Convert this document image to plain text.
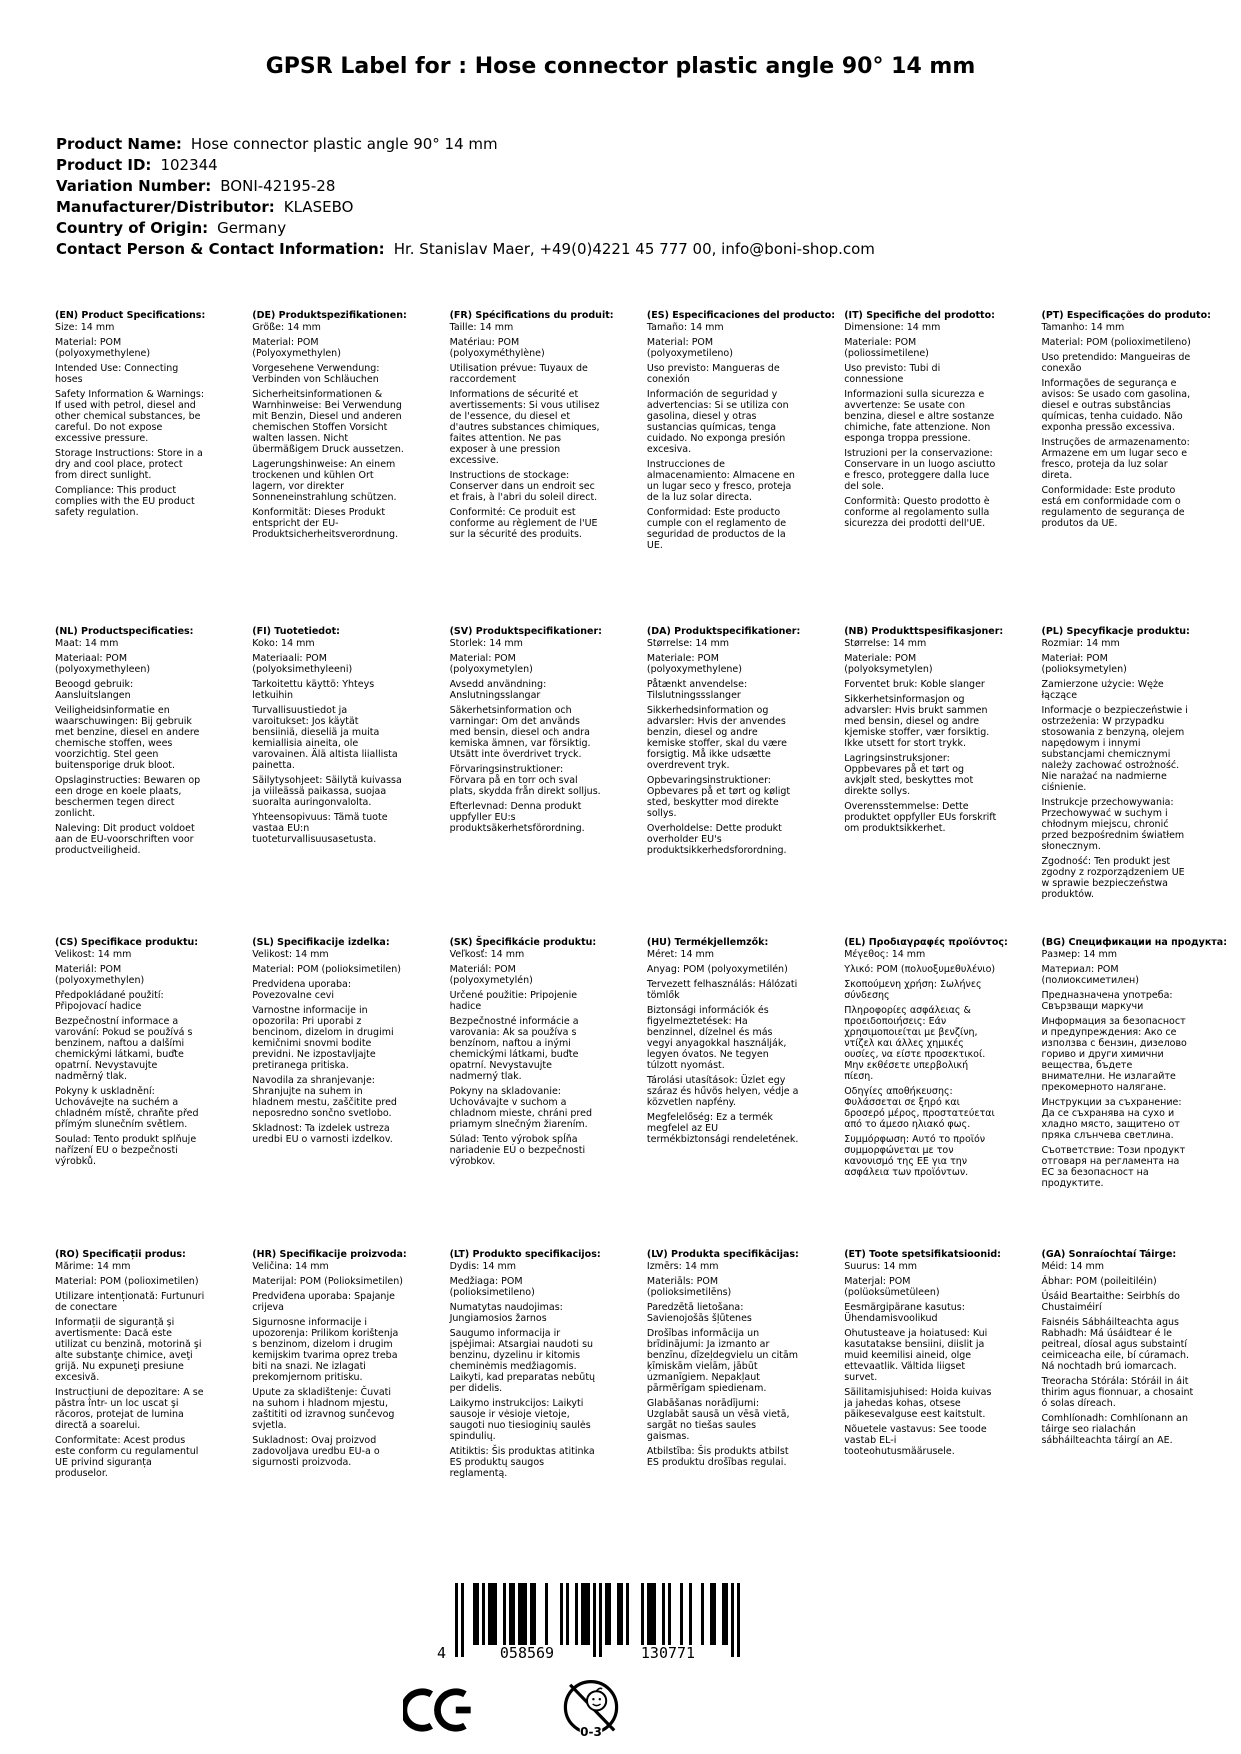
GPSR Label for : Hose connector plastic angle 90° 14 mm
Product Name: Hose connector plastic angle 90° 14 mm
Product ID: 102344
Variation Number: BONI-42195-28
Manufacturer/Distributor: KLASEBO
Country of Origin: Germany
Contact Person & Contact Information: Hr. Stanislav Maer, +49(0)4221 45 777 00, info@boni-shop.com
(EN) Product Specifications:

Size: 14 mm

Material: POM (polyoxymethylene)

Intended Use: Connecting hoses

Safety Information & Warnings: If used with petrol, diesel and other chemical substances, be careful. Do not expose excessive pressure.

Storage Instructions: Store in a dry and cool place, protect from direct sunlight.

Compliance: This product complies with the EU product safety regulation.

(DE) Produktspezifikationen:

Größe: 14 mm

Material: POM (Polyoxymethylen)

Vorgesehene Verwendung: Verbinden von Schläuchen

Sicherheitsinformationen & Warnhinweise: Bei Verwendung mit Benzin, Diesel und anderen chemischen Stoffen Vorsicht walten lassen. Nicht übermäßigem Druck aussetzen.

Lagerungshinweise: An einem trockenen und kühlen Ort lagern, vor direkter Sonneneinstrahlung schützen.

Konformität: Dieses Produkt entspricht der EU-Produktsicherheitsverordnung.

(FR) Spécifications du produit:

Taille: 14 mm

Matériau: POM (polyoxyméthylène)

Utilisation prévue: Tuyaux de raccordement

Informations de sécurité et avertissements: Si vous utilisez de l'essence, du diesel et d'autres substances chimiques, faites attention. Ne pas exposer à une pression excessive.

Instructions de stockage: Conserver dans un endroit sec et frais, à l'abri du soleil direct.

Conformité: Ce produit est conforme au règlement de l'UE sur la sécurité des produits.

(ES) Especificaciones del producto:

Tamaño: 14 mm

Material: POM (polyoxymetileno)

Uso previsto: Mangueras de conexión

Información de seguridad y advertencias: Si se utiliza con gasolina, diesel y otras sustancias químicas, tenga cuidado. No exponga presión excesiva.

Instrucciones de almacenamiento: Almacene en un lugar seco y fresco, proteja de la luz solar directa.

Conformidad: Este producto cumple con el reglamento de seguridad de productos de la UE.

(IT) Specifiche del prodotto:

Dimensione: 14 mm

Materiale: POM (poliossimetilene)

Uso previsto: Tubi di connessione

Informazioni sulla sicurezza e avvertenze: Se usate con benzina, diesel e altre sostanze chimiche, fate attenzione. Non esponga troppa pressione.

Istruzioni per la conservazione: Conservare in un luogo asciutto e fresco, proteggere dalla luce del sole.

Conformità: Questo prodotto è conforme al regolamento sulla sicurezza dei prodotti dell'UE.

(PT) Especificações do produto:

Tamanho: 14 mm

Material: POM (polioximetileno)

Uso pretendido: Mangueiras de conexão

Informações de segurança e avisos: Se usado com gasolina, diesel e outras substâncias químicas, tenha cuidado. Não exponha pressão excessiva.

Instruções de armazenamento: Armazene em um lugar seco e fresco, proteja da luz solar direta.

Conformidade: Este produto está em conformidade com o regulamento de segurança de produtos da UE.

(NL) Productspecificaties:

Maat: 14 mm

Materiaal: POM (polyoxymethyleen)

Beoogd gebruik: Aansluitslangen

Veiligheidsinformatie en waarschuwingen: Bij gebruik met benzine, diesel en andere chemische stoffen, wees voorzichtig. Stel geen buitensporige druk bloot.

Opslaginstructies: Bewaren op een droge en koele plaats, beschermen tegen direct zonlicht.

Naleving: Dit product voldoet aan de EU-voorschriften voor productveiligheid.

(FI) Tuotetiedot:

Koko: 14 mm

Materiaali: POM (polyoksimethyleeni)

Tarkoitettu käyttö: Yhteys letkuihin

Turvallisuustiedot ja varoitukset: Jos käytät bensiiniä, dieseliä ja muita kemiallisia aineita, ole varovainen. Älä altista liiallista painetta.

Säilytysohjeet: Säilytä kuivassa ja viileässä paikassa, suojaa suoralta auringonvalolta.

Yhteensopivuus: Tämä tuote vastaa EU:n tuoteturvallisuusasetusta.

(SV) Produktspecifikationer:

Storlek: 14 mm

Material: POM (polyoxymetylen)

Avsedd användning: Anslutningsslangar

Säkerhetsinformation och varningar: Om det används med bensin, diesel och andra kemiska ämnen, var försiktig. Utsätt inte överdrivet tryck.

Förvaringsinstruktioner: Förvara på en torr och sval plats, skydda från direkt solljus.

Efterlevnad: Denna produkt uppfyller EU:s produktsäkerhetsförordning.

(DA) Produktspecifikationer:

Størrelse: 14 mm

Materiale: POM (polyoxymethylene)

Påtænkt anvendelse: Tilslutningssslanger

Sikkerhedsinformation og advarsler: Hvis der anvendes benzin, diesel og andre kemiske stoffer, skal du være forsigtig. Må ikke udsætte overdrevent tryk.

Opbevaringsinstruktioner: Opbevares på et tørt og køligt sted, beskytter mod direkte sollys.

Overholdelse: Dette produkt overholder EU's produktsikkerhedsforordning.

(NB) Produkttspesifikasjoner:

Størrelse: 14 mm

Materiale: POM (polyoksymetylen)

Forventet bruk: Koble slanger

Sikkerhetsinformasjon og advarsler: Hvis brukt sammen med bensin, diesel og andre kjemiske stoffer, vær forsiktig. Ikke utsett for stort trykk.

Lagringsinstruksjoner: Oppbevares på et tørt og avkjølt sted, beskyttes mot direkte sollys.

Overensstemmelse: Dette produktet oppfyller EUs forskrift om produktsikkerhet.

(PL) Specyfikacje produktu:

Rozmiar: 14 mm

Materiał: POM (polioksymetylen)

Zamierzone użycie: Węże łączące

Informacje o bezpieczeństwie i ostrzeżenia: W przypadku stosowania z benzyną, olejem napędowym i innymi substancjami chemicznymi należy zachować ostrożność. Nie narażać na nadmierne ciśnienie.

Instrukcje przechowywania: Przechowywać w suchym i chłodnym miejscu, chronić przed bezpośrednim światłem słonecznym.

Zgodność: Ten produkt jest zgodny z rozporządzeniem UE w sprawie bezpieczeństwa produktów.

(CS) Specifikace produktu:

Velikost: 14 mm

Materiál: POM (polyoxymethylen)

Předpokládané použití: Připojovací hadice

Bezpečnostní informace a varování: Pokud se používá s benzinem, naftou a dalšími chemickými látkami, buďte opatrní. Nevystavujte nadměrný tlak.

Pokyny k uskladnění: Uchovávejte na suchém a chladném místě, chraňte před přímým slunečním světlem.

Soulad: Tento produkt splňuje nařízení EU o bezpečnosti výrobků.

(SL) Specifikacije izdelka:

Velikost: 14 mm

Material: POM (polioksimetilen)

Predvidena uporaba: Povezovalne cevi

Varnostne informacije in opozorila: Pri uporabi z bencinom, dizelom in drugimi kemičnimi snovmi bodite previdni. Ne izpostavljajte pretiranega pritiska.

Navodila za shranjevanje: Shranjujte na suhem in hladnem mestu, zaščitite pred neposredno sončno svetlobo.

Skladnost: Ta izdelek ustreza uredbi EU o varnosti izdelkov.

(SK) Špecifikácie produktu:

Veľkosť: 14 mm

Materiál: POM (polyoxymetylén)

Určené použitie: Pripojenie hadice

Bezpečnostné informácie a varovania: Ak sa používa s benzínom, naftou a inými chemickými látkami, buďte opatrní. Nevystavujte nadmerný tlak.

Pokyny na skladovanie: Uchovávajte v suchom a chladnom mieste, chráni pred priamym slnečným žiarením.

Súlad: Tento výrobok spĺňa nariadenie EÚ o bezpečnosti výrobkov.

(HU) Termékjellemzők:

Méret: 14 mm

Anyag: POM (polyoxymetilén)

Tervezett felhasználás: Hálózati tömlők

Biztonsági információk és figyelmeztetések: Ha benzinnel, dízelnel és más vegyi anyagokkal használják, legyen óvatos. Ne tegyen túlzott nyomást.

Tárolási utasítások: Üzlet egy száraz és hűvös helyen, védje a közvetlen napfény.

Megfelelőség: Ez a termék megfelel az EU termékbiztonsági rendeletének.

(EL) Προδιαγραφές προϊόντος:

Μέγεθος: 14 mm

Υλικό: POM (πολυοξυμεθυλένιο)

Σκοπούμενη χρήση: Σωλήνες σύνδεσης

Πληροφορίες ασφάλειας & προειδοποιήσεις: Εάν χρησιμοποιείται με βενζίνη, ντίζελ και άλλες χημικές ουσίες, να είστε προσεκτικοί. Μην εκθέσετε υπερβολική πίεση.

Οδηγίες αποθήκευσης: Φυλάσσεται σε ξηρό και δροσερό μέρος, προστατεύεται από το άμεσο ηλιακό φως.

Συμμόρφωση: Αυτό το προϊόν συμμορφώνεται με τον κανονισμό της ΕΕ για την ασφάλεια των προϊόντων.

(BG) Спецификации на продукта:

Размер: 14 mm

Материал: POM (полиоксиметилен)

Предназначена употреба: Свързващи маркучи

Информация за безопасност и предупреждения: Ако се използва с бензин, дизелово гориво и други химични вещества, бъдете внимателни. Не излагайте прекомерното налягане.

Инструкции за съхранение: Да се съхранява на сухо и хладно място, защитено от пряка слънчева светлина.

Съответствие: Този продукт отговаря на регламента на ЕС за безопасност на продуктите.

(RO) Specificații produs:

Mărime: 14 mm

Material: POM (polioximetilen)

Utilizare intenționată: Furtunuri de conectare

Informații de siguranță și avertismente: Dacă este utilizat cu benzină, motorină şi alte substanţe chimice, aveţi grijă. Nu expuneţi presiune excesivă.

Instrucțiuni de depozitare: A se păstra într- un loc uscat şi răcoros, protejat de lumina directă a soarelui.

Conformitate: Acest produs este conform cu regulamentul UE privind siguranța produselor.

(HR) Specifikacije proizvoda:

Veličina: 14 mm

Materijal: POM (Polioksimetilen)

Predviđena uporaba: Spajanje crijeva

Sigurnosne informacije i upozorenja: Prilikom korištenja s benzinom, dizelom i drugim kemijskim tvarima oprez treba biti na snazi. Ne izlagati prekomjernom pritisku.

Upute za skladištenje: Čuvati na suhom i hladnom mjestu, zaštititi od izravnog sunčevog svjetla.

Sukladnost: Ovaj proizvod zadovoljava uredbu EU-a o sigurnosti proizvoda.

(LT) Produkto specifikacijos:

Dydis: 14 mm

Medžiaga: POM (polioksimetileno)

Numatytas naudojimas: Jungiamosios žarnos

Saugumo informacija ir įspėjimai: Atsargiai naudoti su benzinu, dyzelinu ir kitomis cheminėmis medžiagomis. Laikyti, kad preparatas nebūtų per didelis.

Laikymo instrukcijos: Laikyti sausoje ir vėsioje vietoje, saugoti nuo tiesioginių saulės spindulių.

Atitiktis: Šis produktas atitinka ES produktų saugos reglamentą.

(LV) Produkta specifikācijas:

Izmērs: 14 mm

Materiāls: POM (polioksimetilēns)

Paredzētā lietošana: Savienojošās šļūtenes

Drošības informācija un brīdinājumi: Ja izmanto ar benzīnu, dīzeļdegvielu un citām ķīmiskām vielām, jābūt uzmanīgiem. Nepakļaut pārmērīgam spiedienam.

Glabāšanas norādījumi: Uzglabāt sausā un vēsā vietā, sargāt no tiešas saules gaismas.

Atbilstība: Šis produkts atbilst ES produktu drošības regulai.

(ET) Toote spetsifikatsioonid:

Suurus: 14 mm

Materjal: POM (polüoksümetüleen)

Eesmärgipärane kasutus: Ühendamisvoolikud

Ohutusteave ja hoiatused: Kui kasutatakse bensiini, diislit ja muid keemilisi aineid, olge ettevaatlik. Vältida liigset survet.

Säilitamisjuhised: Hoida kuivas ja jahedas kohas, otsese päikesevalguse eest kaitstult.

Nõuetele vastavus: See toode vastab EL-i tooteohutusmäärusele.

(GA) Sonraíochtaí Táirge:

Méid: 14 mm

Ábhar: POM (poileitiléin)

Úsáid Beartaithe: Seirbhís do Chustaiméirí

Faisnéis Sábháilteachta agus Rabhadh: Má úsáidtear é le peitreal, díosal agus substaintí ceimiceacha eile, bí cúramach. Ná nochtadh brú iomarcach.

Treoracha Stórála: Stóráil in áit thirim agus fionnuar, a chosaint ó solas díreach.

Comhlíonadh: Comhlíonann an táirge seo rialachán sábháilteachta táirgí an AE.

4	058569	130771
0-3
